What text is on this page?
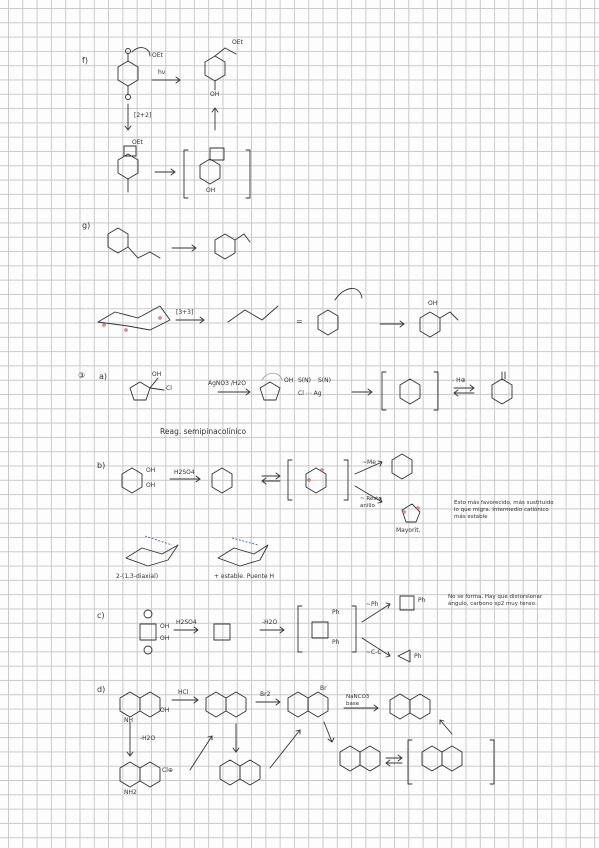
f)
g)
③ a)
b)
c)
d)
OEt
OEt
hν
[2+2]
OEt
OH
OH
[3+3]
=
OH
OH
Cl
AgNO3 /H2O	OH S(N) S(N)
Cl ⋯ Ag
- H⊕
Reag. semipinacolínico
OH
OH
H2SO4
~Me
~ Resto anillo
Mayorit.
Esto más favorecido, más sustituido lo que migra. Intermedio catiónico más estable
2-(1,3-diaxial)	+ estable. Puente H
OH
OH
Ph
Ph
H2SO4	-H2O
~Ph
~C-C
Ph
Ph
No se forma. Hay que distorsionar ángulo, carbono sp2 muy tenso.
HCl	Br2	NaNCO3 base
-H2O
NH
NH2
OH
Br
Cl⊕
